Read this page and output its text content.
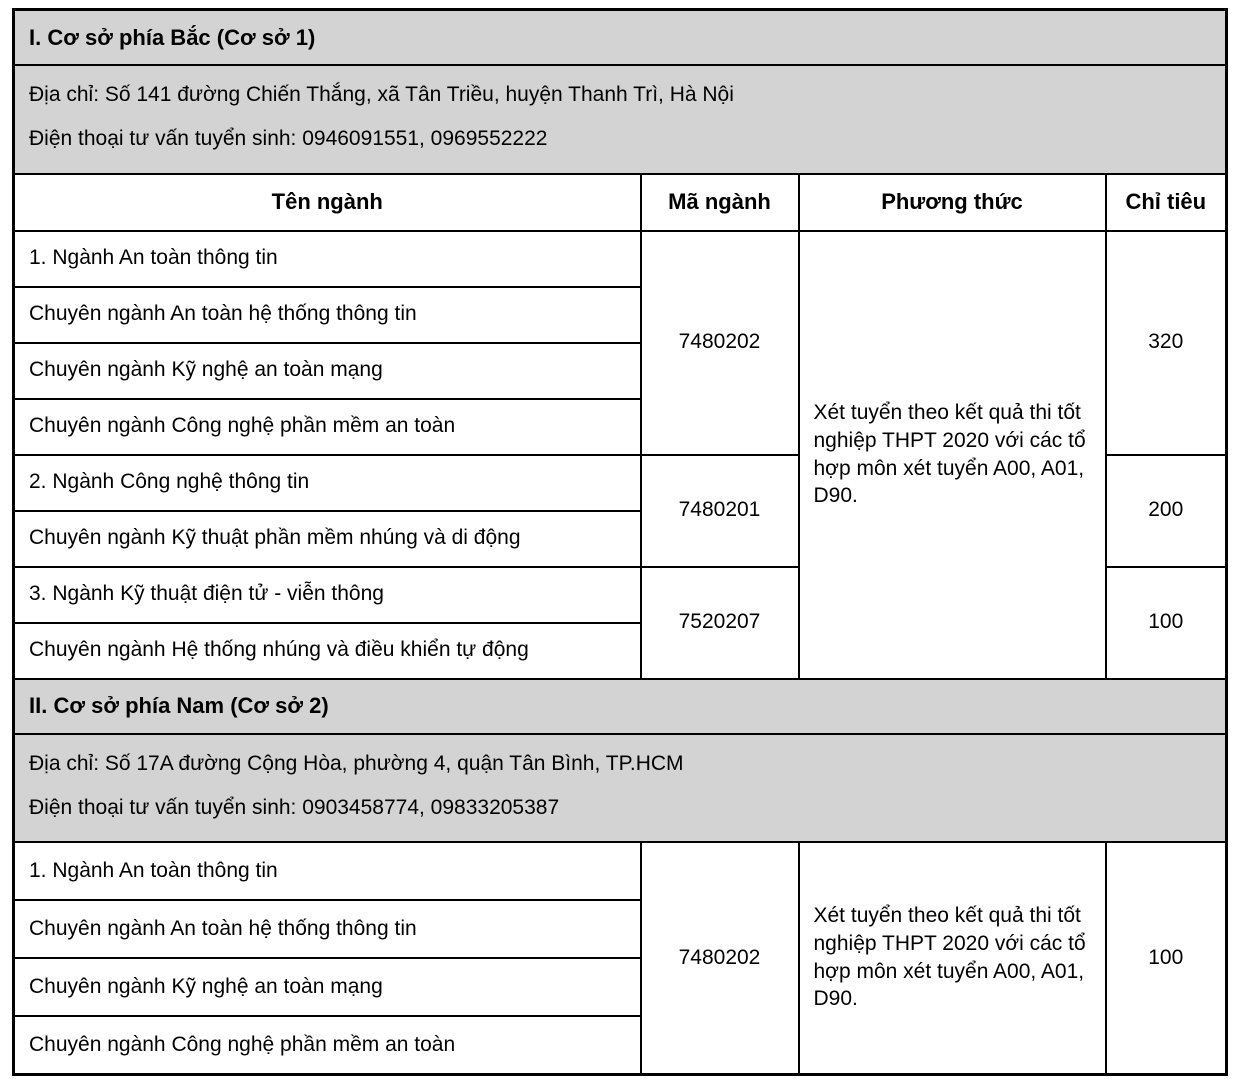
I. Cơ sở phía Bắc (Cơ sở 1)			

Địa chỉ: Số 141 đường Chiến Thắng, xã Tân Triều, huyện Thanh Trì, Hà Nội
Điện thoại tư vấn tuyển sinh: 0946091551, 0969552222			

Tên ngành	Mã ngành	Phương thức	Chỉ tiêu
1. Ngành An toàn thông tin	7480202	Xét tuyển theo kết quả thi tốt nghiệp THPT 2020 với các tổ hợp môn xét tuyển A00, A01, D90.	320
Chuyên ngành An toàn hệ thống thông tin			
Chuyên ngành Kỹ nghệ an toàn mạng			
Chuyên ngành Công nghệ phần mềm an toàn			
2. Ngành Công nghệ thông tin	7480201		200
Chuyên ngành Kỹ thuật phần mềm nhúng và di động			
3. Ngành Kỹ thuật điện tử - viễn thông	7520207		100
Chuyên ngành Hệ thống nhúng và điều khiển tự động			
II. Cơ sở phía Nam (Cơ sở 2)			

Địa chỉ: Số 17A đường Cộng Hòa, phường 4, quận Tân Bình, TP.HCM
Điện thoại tư vấn tuyển sinh: 0903458774, 09833205387			

1. Ngành An toàn thông tin	7480202	Xét tuyển theo kết quả thi tốt nghiệp THPT 2020 với các tổ hợp môn xét tuyển A00, A01, D90.	100
Chuyên ngành An toàn hệ thống thông tin			
Chuyên ngành Kỹ nghệ an toàn mạng			
Chuyên ngành Công nghệ phần mềm an toàn			
